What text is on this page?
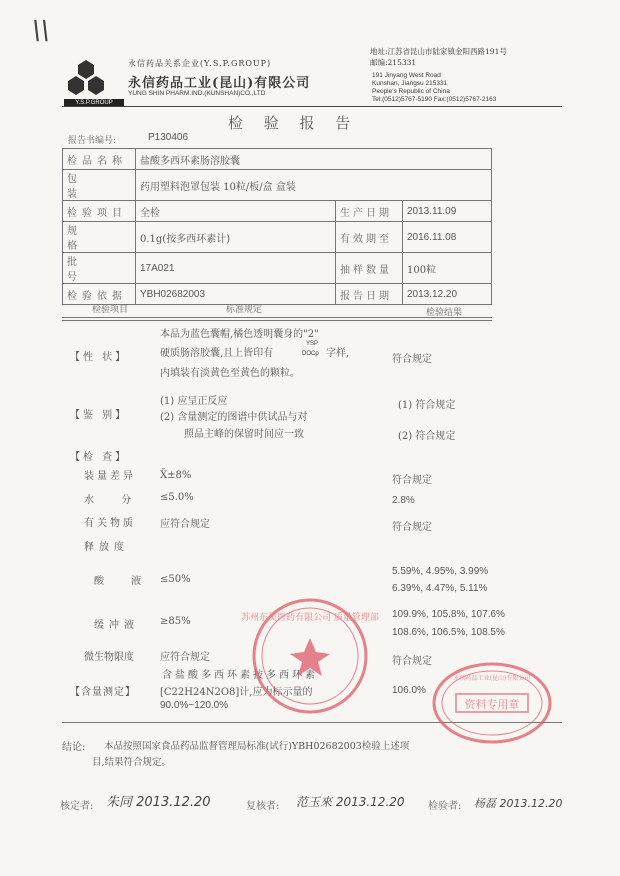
\\
Y.S.P.GROUP
永信药品关系企业(Y.S.P.GROUP)
永信药品工业(昆山)有限公司
YUNG SHIN PHARM.IND.(KUNSHAN)CO.,LTD
地址:江苏省昆山市陆家镇金阳西路191号
邮编:215331
191 Jinyang West Road
Kunshan, Jiangsu 215331
People's Republic of China
Tel:(0512)5767-5190 Fax:(0512)5767-2163
检 验 报 告
报告书编号:	P130406
检品名称	盐酸多西环素肠溶胶囊		
包 装	药用塑料泡罩包装 10粒/板/盒 盒装		
检验项目	全检	生产日期	2013.11.09
规 格	0.1g(按多西环素计)	有效期至	2016.11.08
批 号	17A021	抽样数量	100粒
检验依据	YBH02682003	报告日期	2013.12.20
检验项目	标准规定	检验结果
【性 状】
本品为蓝色囊帽,橘色透明囊身的"2"
硬质肠溶胶囊,且上皆印有
YSP
DOCp 字样,
内填装有淡黄色至黄色的颗粒。
符合规定
【鉴 别】
(1) 应呈正反应
(2) 含量测定的图谱中供试品与对
照品主峰的保留时间应一致
(1) 符合规定
(2) 符合规定
【检 查】
装量差异 X̄±8%	符合规定
水 分 ≤5.0%	2.8%
有关物质 应符合规定	符合规定
释放度
酸 液 ≤50%
5.59%, 4.95%, 3.99%
6.39%, 4.47%, 5.11%
缓冲液 ≥85%
109.9%, 105.8%, 107.6%
108.6%, 106.5%, 108.5%
微生物限度	应符合规定	符合规定
【含量测定】
含盐酸多西环素按多西环素
[C22H24N2O8]计,应为标示量的
90.0%~120.0%
106.0%
结论: 本品按照国家食品药品监督管理局标准(试行)YBH02682003检验上述项
目,结果符合规定。
核定者: 朱同 2013.12.20	复核者: 范玉來 2013.12.20 检验者: 杨磊 2013.12.20
苏州东吴医药有限公司 质量管理部
资料专用章
永信药品工业(昆山)有限公司
